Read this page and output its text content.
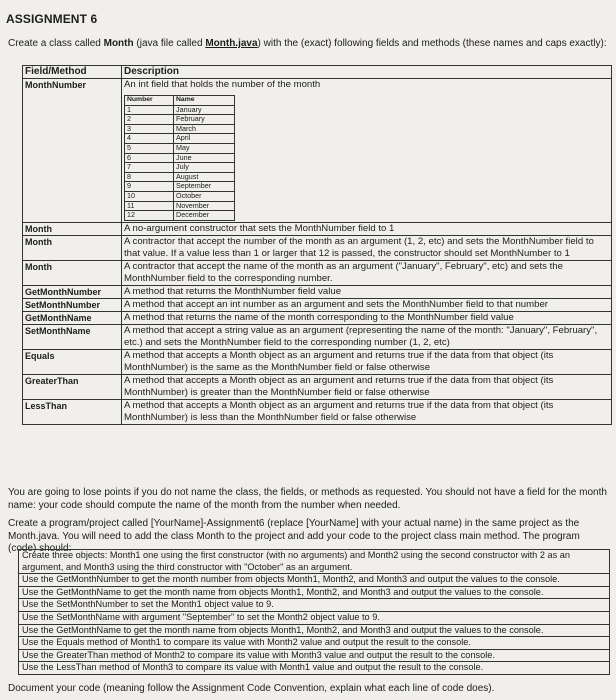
ASSIGNMENT 6
Create a class called Month (java file called Month.java) with the (exact) following fields and methods (these names and caps exactly):
Field/Method	Description
MonthNumber	An int field that holds the number of the month
Number	Name
1	January
2	February
3	March
4	April
5	May
6	June
7	July
8	August
9	September
10	October
11	November
12	December

Month	A no-argument constructor that sets the MonthNumber field to 1
Month	A contractor that accept the number of the month as an argument (1, 2, etc) and sets the MonthNumber field to that value. If a value less than 1 or larger that 12 is passed, the constructor should set MonthNumber to 1
Month	A contractor that accept the name of the month as an argument ("January", February", etc) and sets the MonthNumber field to the corresponding number.
GetMonthNumber	A method that returns the MonthNumber field value
SetMonthNumber	A method that accept an int number as an argument and sets the MonthNumber field to that number
GetMonthName	A method that returns the name of the month corresponding to the MonthNumber field value
SetMonthName	A method that accept a string value as an argument (representing the name of the month: "January", February", etc.) and sets the MonthNumber field to the corresponding number (1, 2, etc)
Equals	A method that accepts a Month object as an argument and returns true if the data from that object (its MonthNumber) is the same as the MonthNumber field or false otherwise
GreaterThan	A method that accepts a Month object as an argument and returns true if the data from that object (its MonthNumber) is greater than the MonthNumber field or false otherwise
LessThan	A method that accepts a Month object as an argument and returns true if the data from that object (its MonthNumber) is less than the MonthNumber field or false otherwise
You are going to lose points if you do not name the class, the fields, or methods as requested. You should not have a field for the month name: your code should compute the name of the month from the number when needed.
Create a program/project called [YourName]-Assignment6 (replace [YourName] with your actual name) in the same project as the Month.java. You will need to add the class Month to the project and add your code to the project class main method. The program (code) should:
Create three objects: Month1 one using the first constructor (with no arguments) and Month2 using the second constructor with 2 as an argument, and Month3 using the third constructor with "October" as an argument.
Use the GetMonthNumber to get the month number from objects Month1, Month2, and Month3 and output the values to the console.
Use the GetMonthName to get the month name from objects Month1, Month2, and Month3 and output the values to the console.
Use the SetMonthNumber to set the Month1 object value to 9.
Use the SetMonthName with argument "September" to set the Month2 object value to 9.
Use the GetMonthName to get the month name from objects Month1, Month2, and Month3 and output the values to the console.
Use the Equals method of Month1 to compare its value with Month2 value and output the result to the console.
Use the GreaterThan method of Month2 to compare its value with Month3 value and output the result to the console.
Use the LessThan method of Month3 to compare its value with Month1 value and output the result to the console.
Document your code (meaning follow the Assignment Code Convention, explain what each line of code does).
